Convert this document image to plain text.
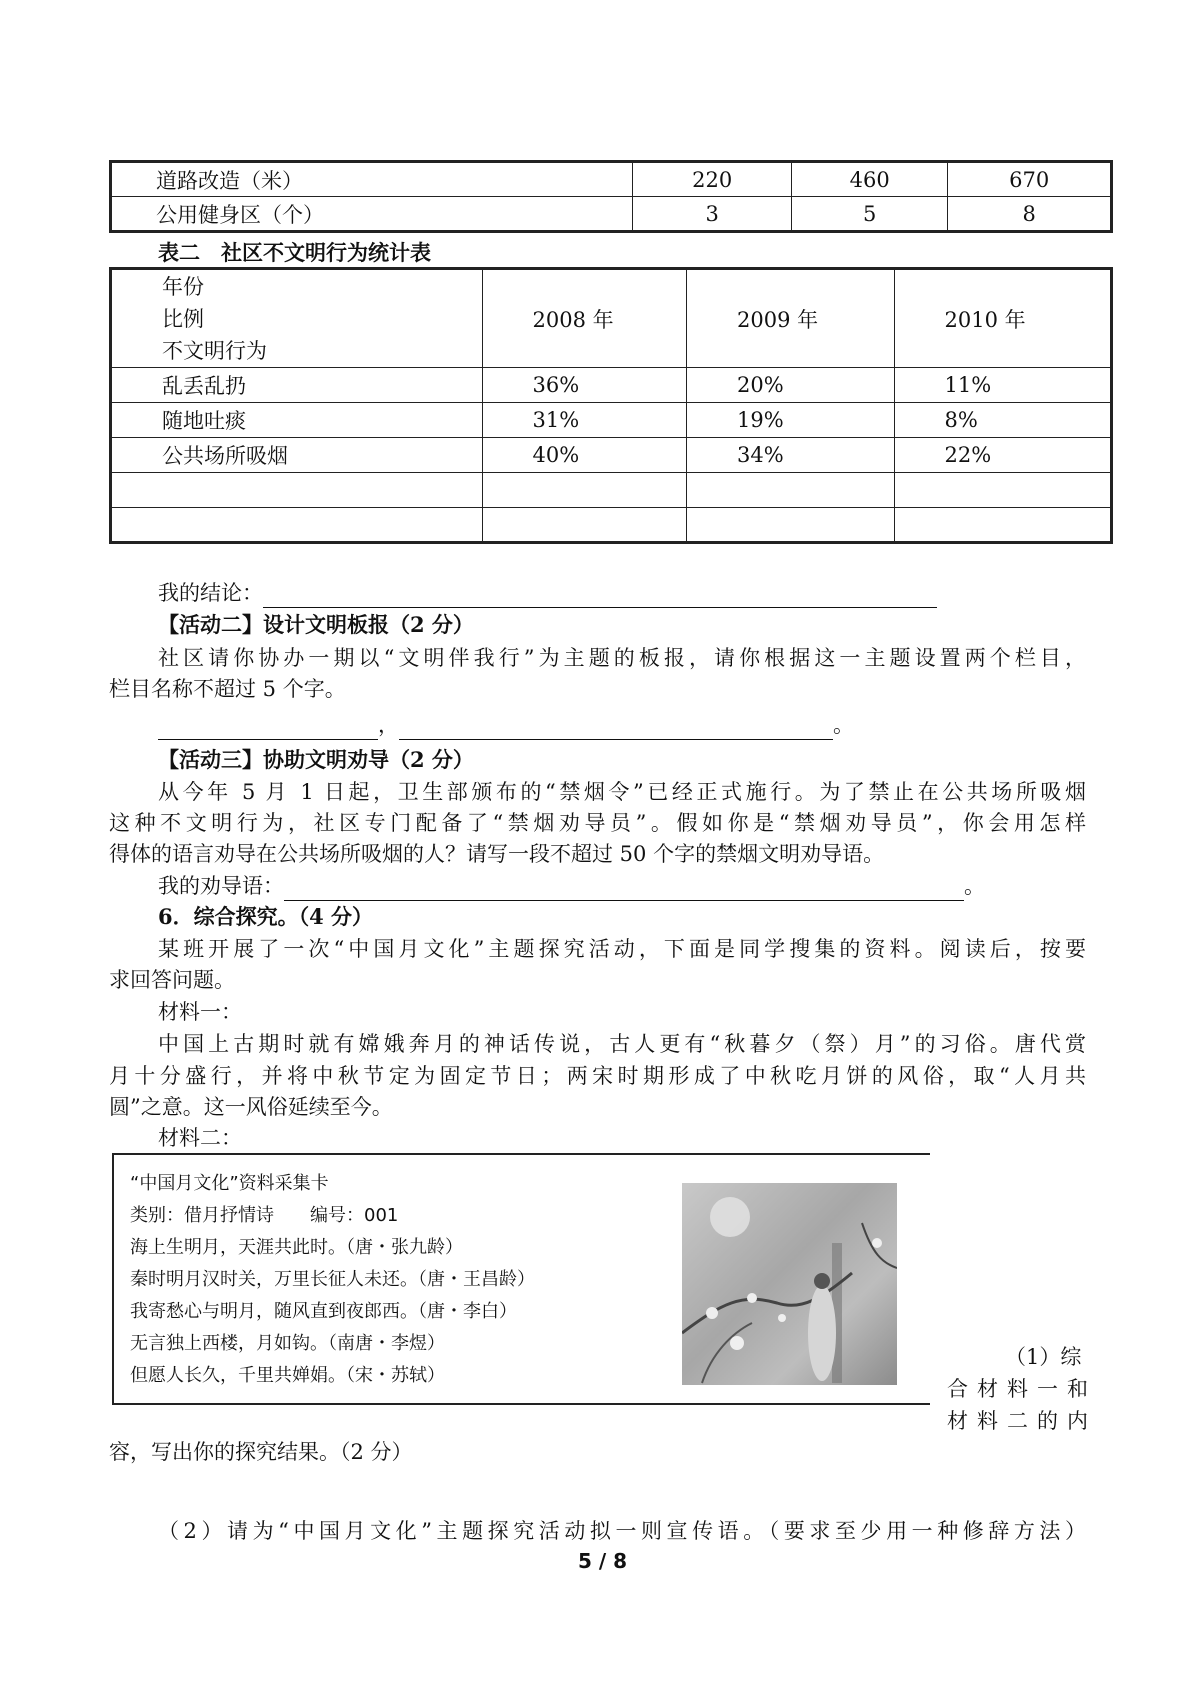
道路改造（米）	220	460	670
公用健身区（个）	3	5	8
表二　社区不文明行为统计表
年份
比例
不文明行为	2008 年	2009 年	2010 年
乱丢乱扔	36%	20%	11%
随地吐痰	31%	19%	8%
公共场所吸烟	40%	34%	22%

我的结论：
【活动二】设计文明板报（2 分）
社区请你协办一期以“文明伴我行”为主题的板报，请你根据这一主题设置两个栏目，
栏目名称不超过 5 个字。
，	。
【活动三】协助文明劝导（2 分）
从今年 5 月 1 日起，卫生部颁布的“禁烟令”已经正式施行。为了禁止在公共场所吸烟
这种不文明行为，社区专门配备了“禁烟劝导员”。假如你是“禁烟劝导员”，你会用怎样
得体的语言劝导在公共场所吸烟的人？请写一段不超过 50 个字的禁烟文明劝导语。
我的劝导语：	。
6．综合探究。（4 分）
某班开展了一次“中国月文化”主题探究活动，下面是同学搜集的资料。阅读后，按要
求回答问题。
材料一：
中国上古期时就有嫦娥奔月的神话传说，古人更有“秋暮夕（祭）月”的习俗。唐代赏
月十分盛行，并将中秋节定为固定节日；两宋时期形成了中秋吃月饼的风俗，取“人月共
圆”之意。这一风俗延续至今。
材料二：
“中国月文化”资料采集卡
类别：借月抒情诗　　编号：001
海上生明月，天涯共此时。（唐・张九龄）
秦时明月汉时关，万里长征人未还。（唐・王昌龄）
我寄愁心与明月，随风直到夜郎西。（唐・李白）
无言独上西楼，月如钩。（南唐・李煜）
但愿人长久，千里共婵娟。（宋・苏轼）
（1）综
合材料一和
材料二的内
容，写出你的探究结果。（2 分）
（2）请为“中国月文化”主题探究活动拟一则宣传语。（要求至少用一种修辞方法）
5 / 8
